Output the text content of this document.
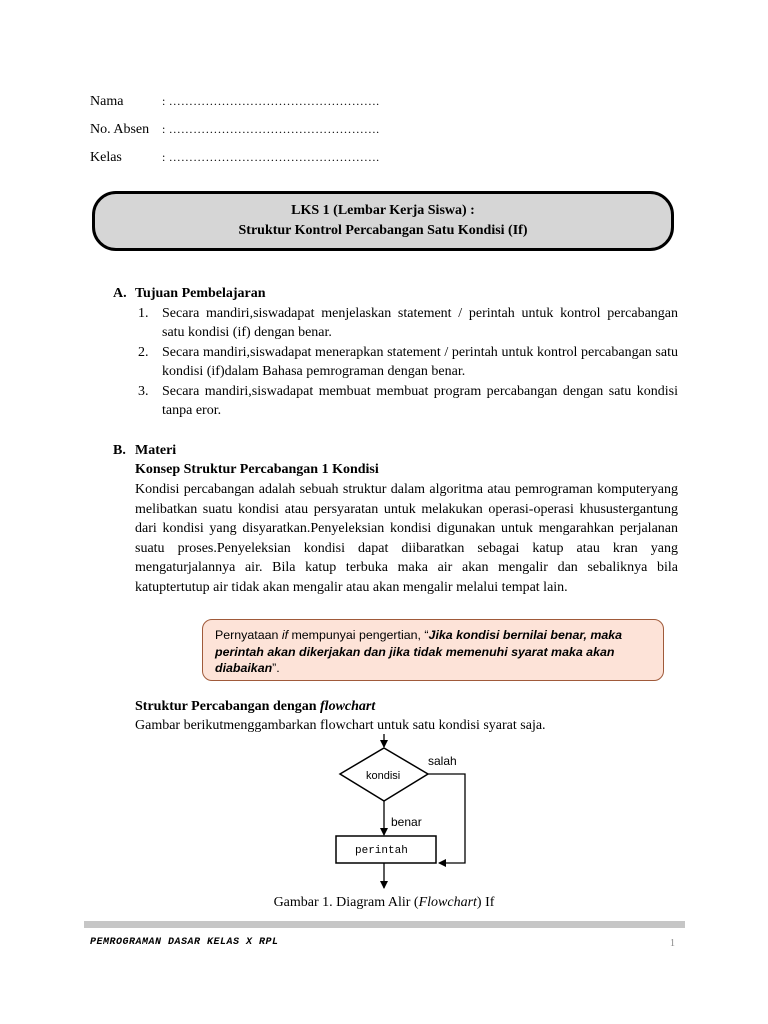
Nama	: …………………………………………….
No. Absen : …………………………………………….
Kelas	: …………………………………………….
LKS 1 (Lembar Kerja Siswa) :
Struktur Kontrol Percabangan Satu Kondisi (If)
A. Tujuan Pembelajaran
1. Secara mandiri,siswadapat menjelaskan statement / perintah untuk kontrol percabangan satu kondisi (if) dengan benar.
2. Secara mandiri,siswadapat menerapkan statement / perintah untuk kontrol percabangan satu kondisi (if)dalam Bahasa pemrograman dengan benar.
3. Secara mandiri,siswadapat membuat membuat program percabangan dengan satu kondisi tanpa eror.
B. Materi
Konsep Struktur Percabangan 1 Kondisi

Kondisi percabangan adalah sebuah struktur dalam algoritma atau pemrograman komputeryang melibatkan suatu kondisi atau persyaratan untuk melakukan operasi-operasi khusustergantung dari kondisi yang disyaratkan.Penyeleksian kondisi digunakan untuk mengarahkan perjalanan suatu proses.Penyeleksian kondisi dapat diibaratkan sebagai katup atau kran yang mengaturjalannya air. Bila katup terbuka maka air akan mengalir dan sebaliknya bila katuptertutup air tidak akan mengalir atau akan mengalir melalui tempat lain.

Pernyataan if mempunyai pengertian, “Jika kondisi bernilai benar, maka perintah akan dikerjakan dan jika tidak memenuhi syarat maka akan diabaikan”.
Struktur Percabangan dengan flowchart

Gambar berikutmenggambarkan flowchart untuk satu kondisi syarat saja.

kondisi
salah
benar
perintah

Gambar 1. Diagram Alir (Flowchart) If

PEMROGRAMAN DASAR KELAS X RPL	1
